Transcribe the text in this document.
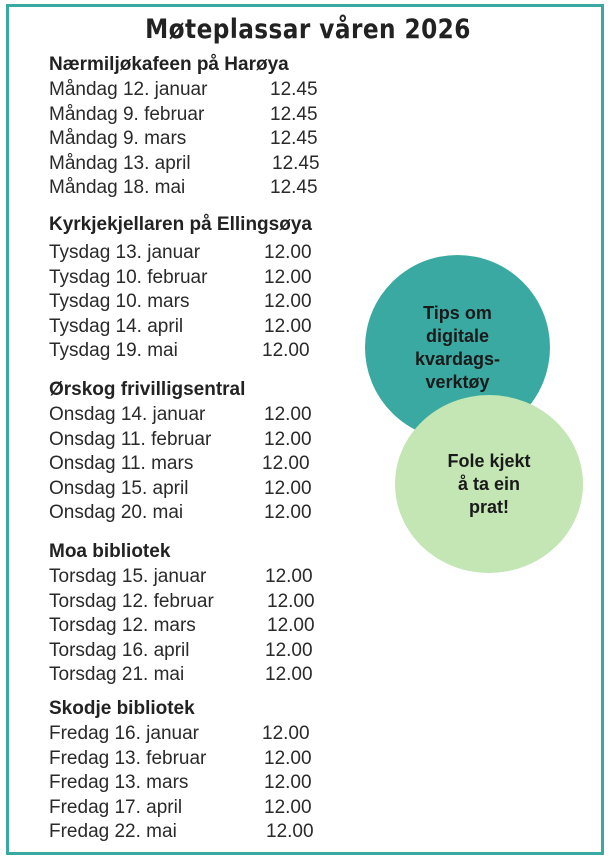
Møteplassar våren 2026
Nærmiljøkafeen på Harøya
Måndag 12. januar	12.45
Måndag 9. februar	12.45
Måndag 9. mars	12.45
Måndag 13. april	12.45
Måndag 18. mai	12.45
Kyrkjekjellaren på Ellingsøya
Tysdag 13. januar	12.00
Tysdag 10. februar	12.00
Tysdag 10. mars	12.00
Tysdag 14. april	12.00
Tysdag 19. mai	12.00
Ørskog frivilligsentral
Onsdag 14. januar	12.00
Onsdag 11. februar	12.00
Onsdag 11. mars	12.00
Onsdag 15. april	12.00
Onsdag 20. mai	12.00
Moa bibliotek
Torsdag 15. januar	12.00
Torsdag 12. februar	12.00
Torsdag 12. mars	12.00
Torsdag 16. april	12.00
Torsdag 21. mai	12.00
Skodje bibliotek
Fredag 16. januar	12.00
Fredag 13. februar	12.00
Fredag 13. mars	12.00
Fredag 17. april	12.00
Fredag 22. mai	12.00
Tips om
digitale
kvardags-
verktøy
Fole kjekt
å ta ein
prat!
